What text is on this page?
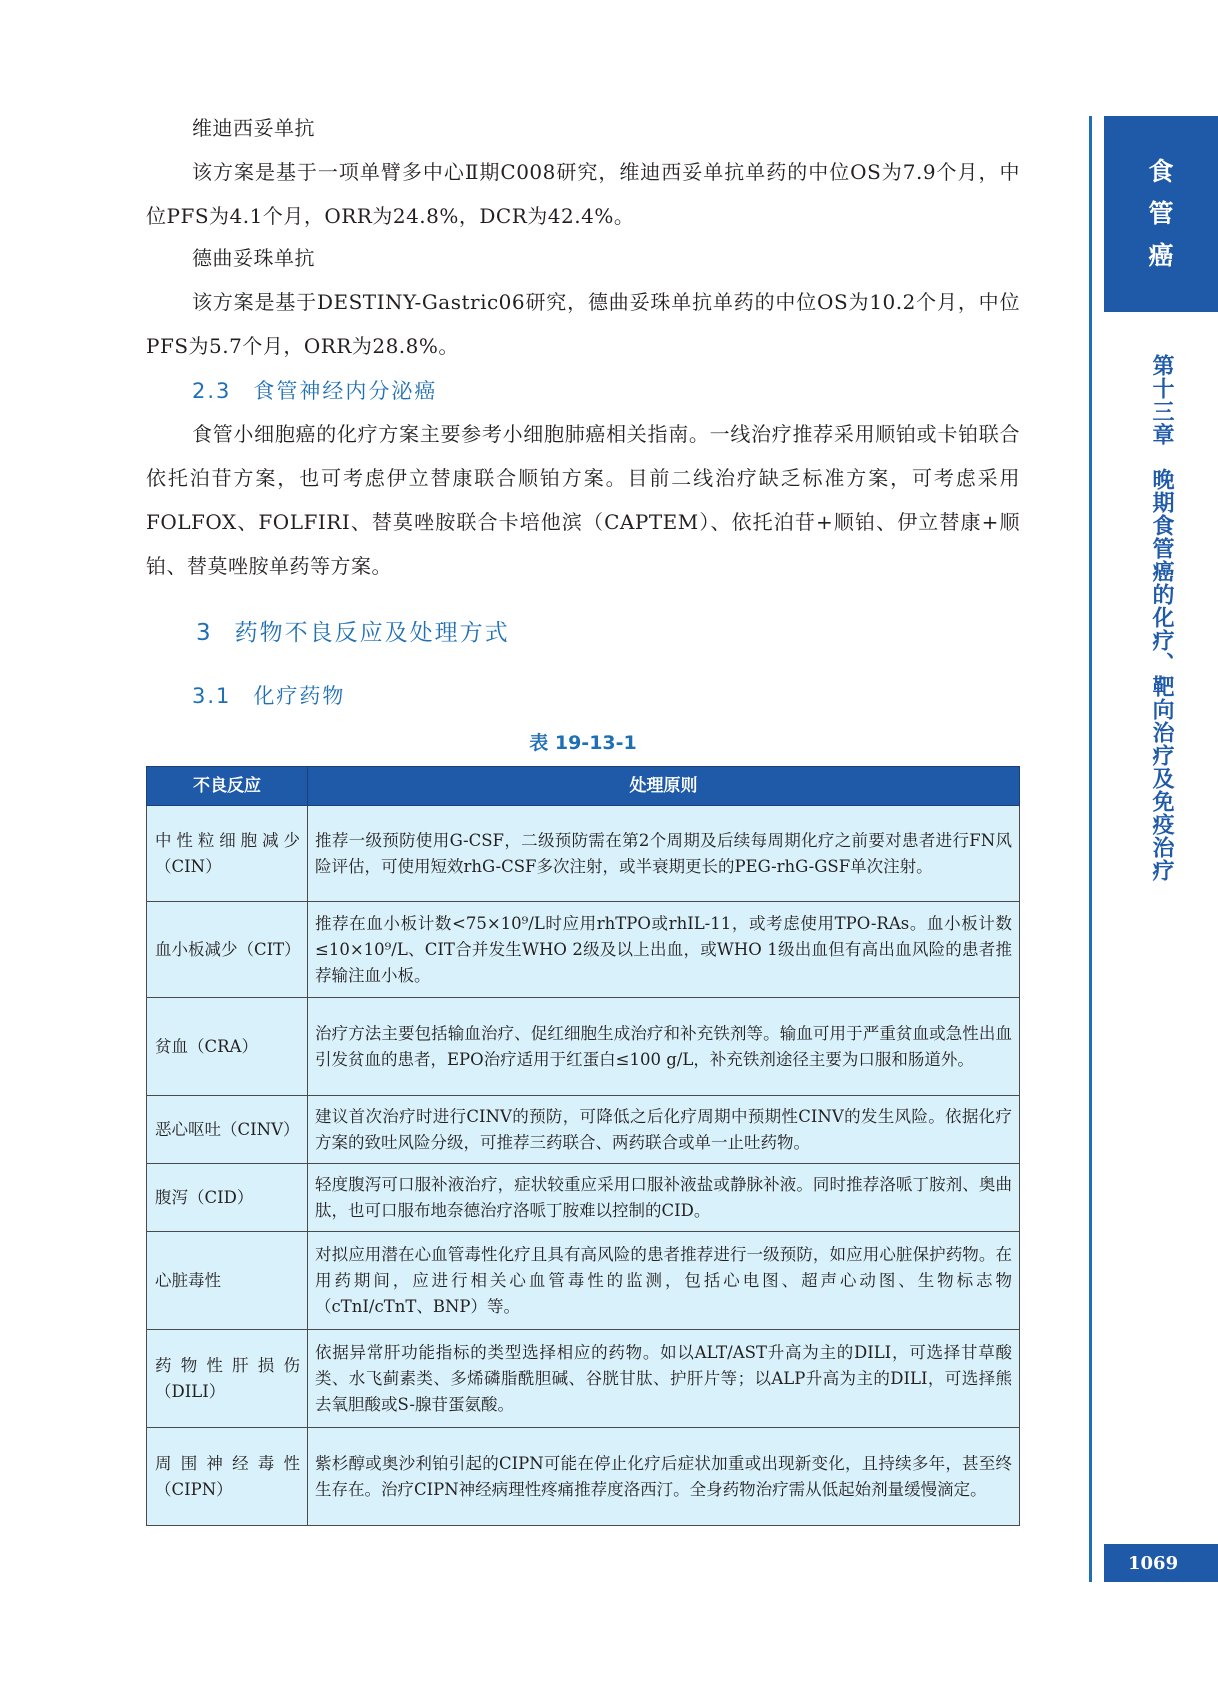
维迪西妥单抗

该方案是基于一项单臂多中心Ⅱ期C008研究，维迪西妥单抗单药的中位OS为7.9个月，中位PFS为4.1个月，ORR为24.8%，DCR为42.4%。

德曲妥珠单抗

该方案是基于DESTINY-Gastric06研究，德曲妥珠单抗单药的中位OS为10.2个月，中位PFS为5.7个月，ORR为28.8%。

2.3 食管神经内分泌癌

食管小细胞癌的化疗方案主要参考小细胞肺癌相关指南。一线治疗推荐采用顺铂或卡铂联合依托泊苷方案，也可考虑伊立替康联合顺铂方案。目前二线治疗缺乏标准方案，可考虑采用FOLFOX、FOLFIRI、替莫唑胺联合卡培他滨（CAPTEM）、依托泊苷+顺铂、伊立替康+顺铂、替莫唑胺单药等方案。

3 药物不良反应及处理方式
3.1 化疗药物
表 19-13-1
不良反应	处理原则
中性粒细胞减少（CIN）	推荐一级预防使用G-CSF，二级预防需在第2个周期及后续每周期化疗之前要对患者进行FN风险评估，可使用短效rhG-CSF多次注射，或半衰期更长的PEG-rhG-GSF单次注射。
血小板减少（CIT）	推荐在血小板计数<75×10⁹/L时应用rhTPO或rhIL-11，或考虑使用TPO-RAs。血小板计数≤10×10⁹/L、CIT合并发生WHO 2级及以上出血，或WHO 1级出血但有高出血风险的患者推荐输注血小板。
贫血（CRA）	治疗方法主要包括输血治疗、促红细胞生成治疗和补充铁剂等。输血可用于严重贫血或急性出血引发贫血的患者，EPO治疗适用于红蛋白≤100 g/L，补充铁剂途径主要为口服和肠道外。
恶心呕吐（CINV）	建议首次治疗时进行CINV的预防，可降低之后化疗周期中预期性CINV的发生风险。依据化疗方案的致吐风险分级，可推荐三药联合、两药联合或单一止吐药物。
腹泻（CID）	轻度腹泻可口服补液治疗，症状较重应采用口服补液盐或静脉补液。同时推荐洛哌丁胺剂、奥曲肽，也可口服布地奈德治疗洛哌丁胺难以控制的CID。
心脏毒性	对拟应用潜在心血管毒性化疗且具有高风险的患者推荐进行一级预防，如应用心脏保护药物。在用药期间，应进行相关心血管毒性的监测，包括心电图、超声心动图、生物标志物（cTnI/cTnT、BNP）等。
药物性肝损伤（DILI）	依据异常肝功能指标的类型选择相应的药物。如以ALT/AST升高为主的DILI，可选择甘草酸类、水飞蓟素类、多烯磷脂酰胆碱、谷胱甘肽、护肝片等；以ALP升高为主的DILI，可选择熊去氧胆酸或S-腺苷蛋氨酸。
周围神经毒性（CIPN）	紫杉醇或奥沙利铂引起的CIPN可能在停止化疗后症状加重或出现新变化，且持续多年，甚至终生存在。治疗CIPN神经病理性疼痛推荐度洛西汀。全身药物治疗需从低起始剂量缓慢滴定。
食
管
癌
第十三章晚期食管癌的化疗、靶向治疗及免疫治疗
1069
